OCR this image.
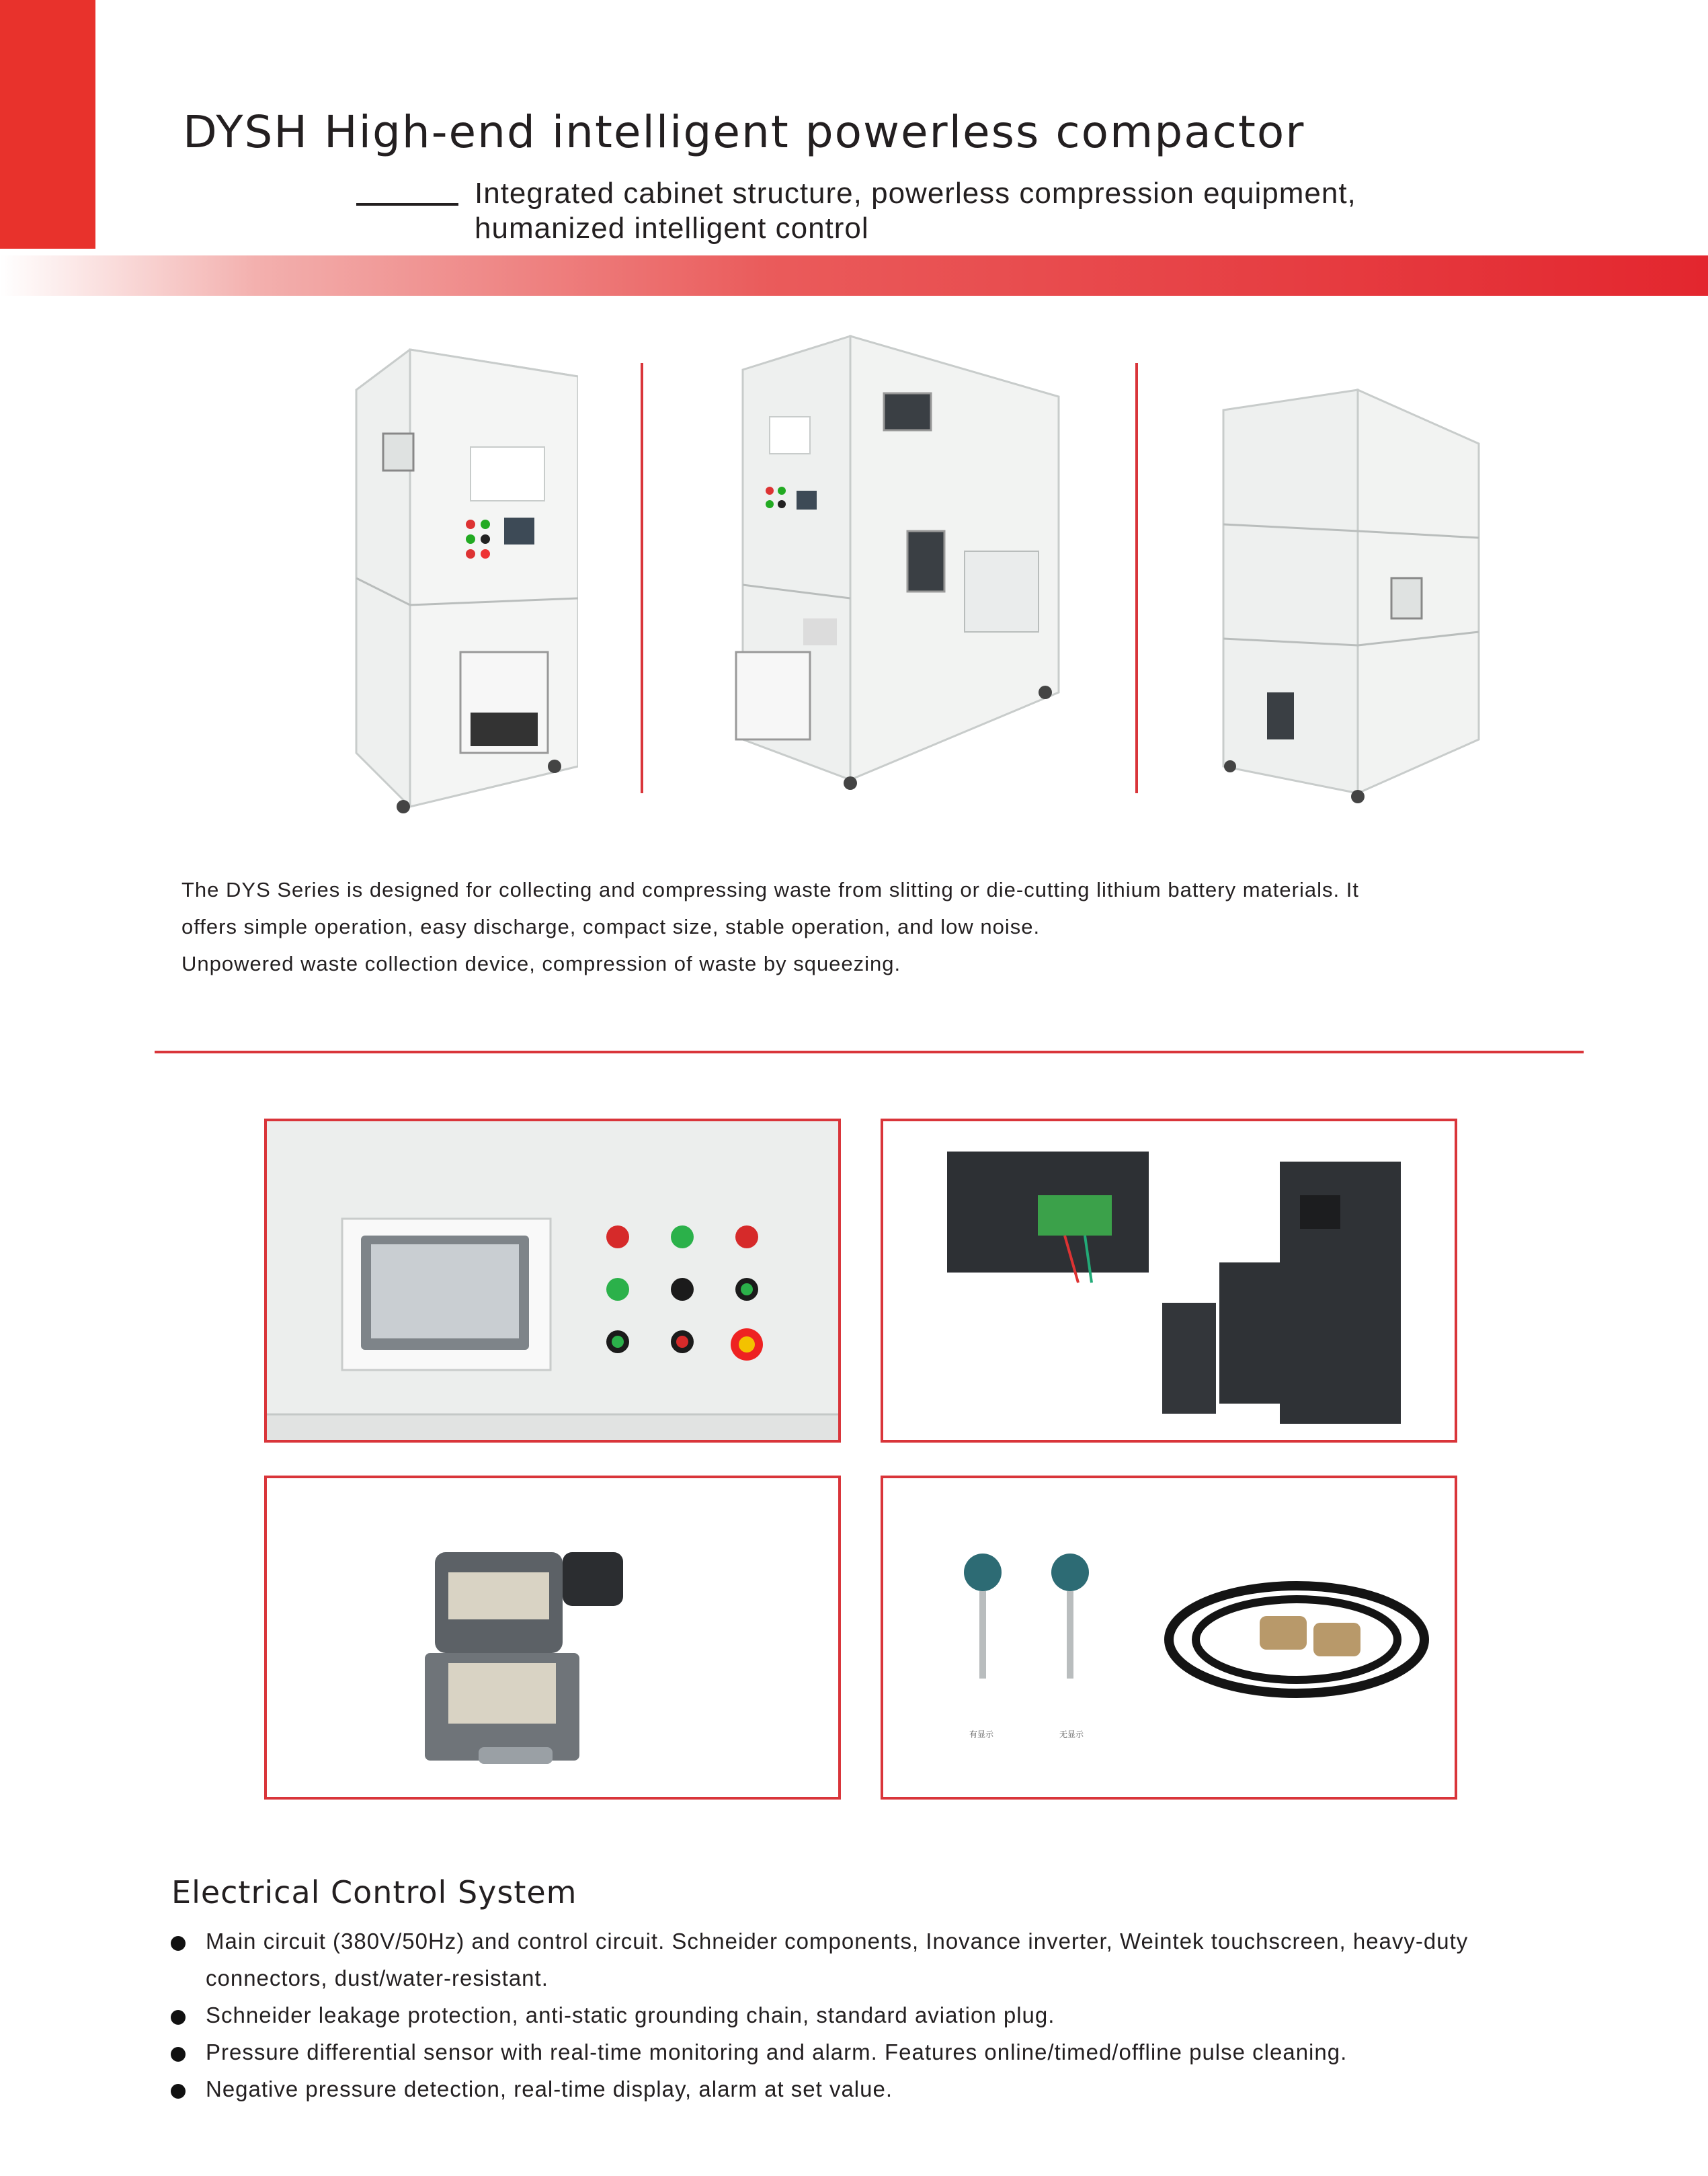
DYSH High-end intelligent powerless compactor
Integrated cabinet structure, powerless compression equipment,
humanized intelligent control

The DYS Series is designed for collecting and compressing waste from slitting or die-cutting lithium battery materials. It

offers simple operation, easy discharge, compact size, stable operation, and low noise.

Unpowered waste collection device, compression of waste by squeezing.

有显示	无显示
Electrical Control System
Main circuit (380V/50Hz) and control circuit. Schneider components, Inovance inverter, Weintek touchscreen, heavy-duty
connectors, dust/water-resistant.
Schneider leakage protection, anti-static grounding chain, standard aviation plug.
Pressure differential sensor with real-time monitoring and alarm. Features online/timed/offline pulse cleaning.
Negative pressure detection, real-time display, alarm at set value.
